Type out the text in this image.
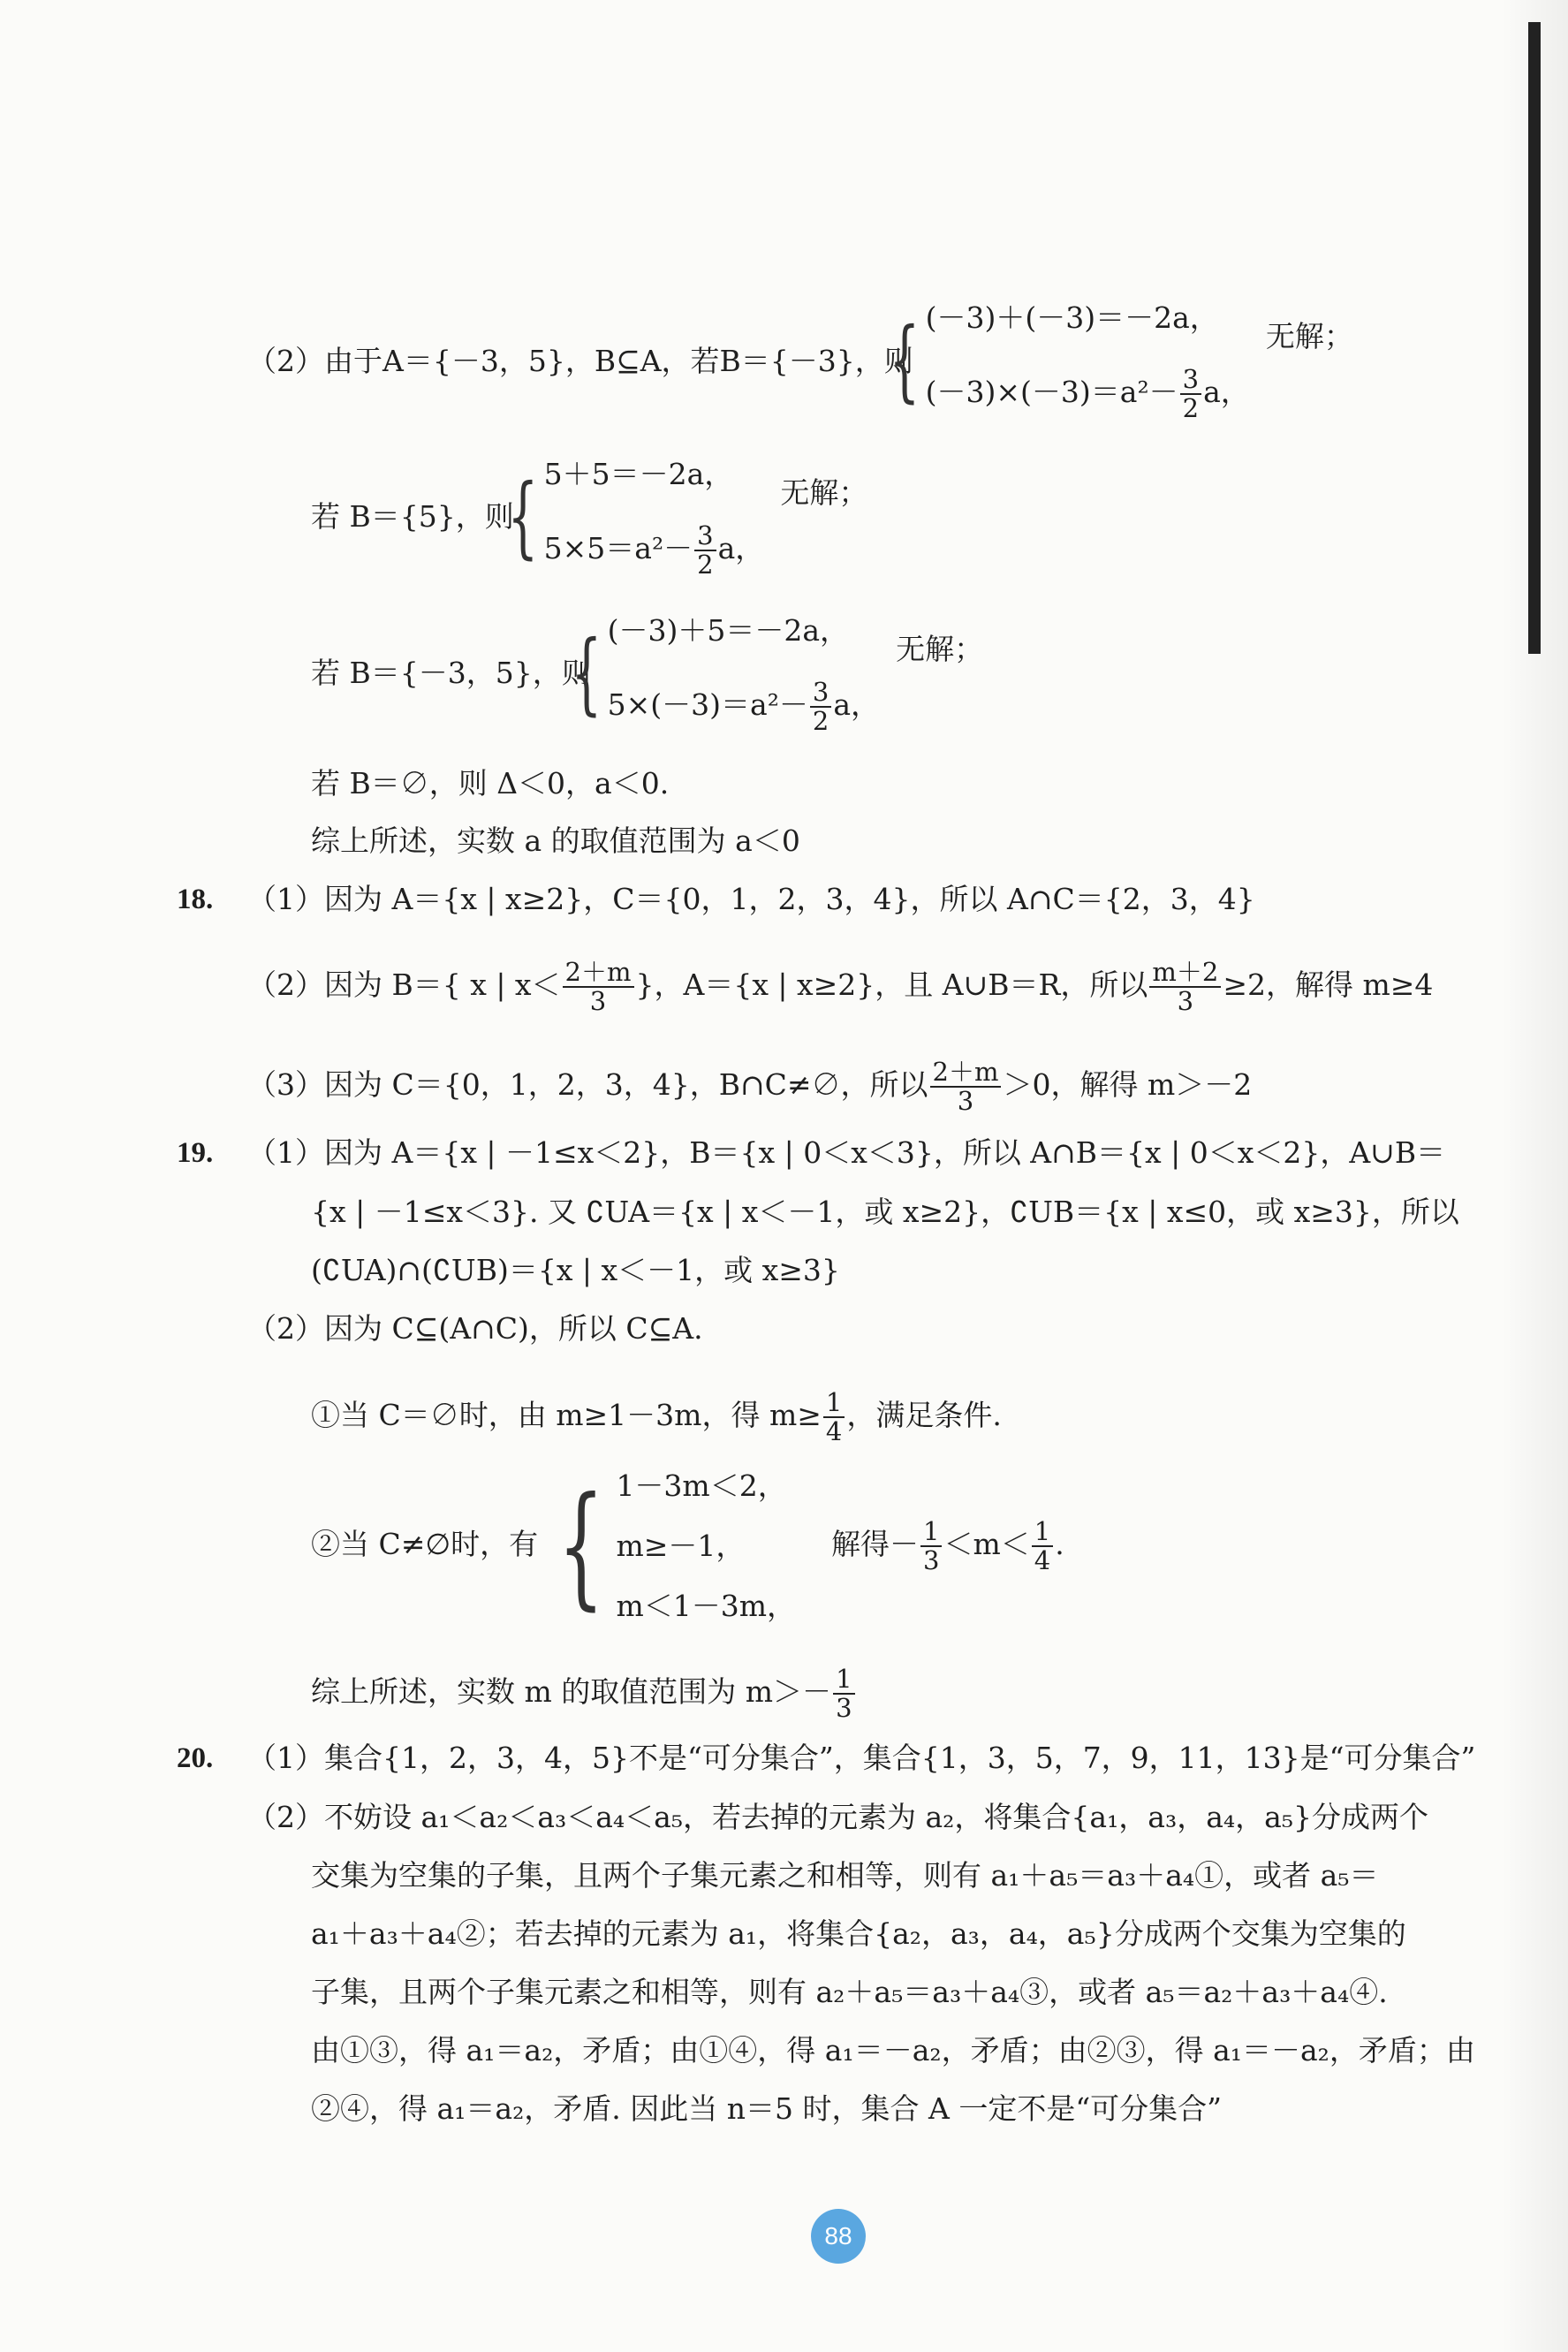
（2）由于A＝{－3，5}，B⊆A，若B＝{－3}，则
{ (－3)＋(－3)＝－2a，
$(-3)\times(-3)=a^2- \frac{3}{2}$ a，
无解；
若 B＝{5}，则
{ 5＋5＝－2a，
$5\times 5=a^2- \frac{3}{2}$ a，
无解；
若 B＝{－3，5}，则
{ (－3)＋5＝－2a，
$5\times(-3)=a^2- \frac{3}{2}$ a，
无解；
若 B＝∅，则 Δ＜0，a＜0.
综上所述，实数 a 的取值范围为 a＜0
18. （1）因为 A＝{x | x≥2}，C＝{0，1，2，3，4}，所以 A∩C＝{2，3，4}
（2）因为 B＝{ x | $x< \frac{2+m}{3}$ }，A＝{x | x≥2}，且 A∪B＝R，所以 $\frac{m+2}{3} \ge 2$，解得 m≥4
（3）因为 C＝{0，1，2，3，4}，B∩C≠∅，所以 $\frac{2+m}{3} >0$，解得 m＞－2
19. （1）因为 A＝{x | －1≤x＜2}，B＝{x | 0＜x＜3}，所以 A∩B＝{x | 0＜x＜2}，A∪B＝
{x | －1≤x＜3}. 又 ∁UA＝{x | x＜－1，或 x≥2}，∁UB＝{x | x≤0，或 x≥3}，所以
(∁UA)∩(∁UB)＝{x | x＜－1，或 x≥3}
（2）因为 C⊆(A∩C)，所以 C⊆A.
①当 C＝∅时，由 m≥1－3m，得 $m\ge \frac{1}{4}$ ，满足条件.
②当 C≠∅时，有 { 1－3m＜2，
m≥－1，
m＜1－3m，
解得－ $\frac{1}{3} <m< \frac{1}{4}$ .
综上所述，实数 m 的取值范围为 $m>- \frac{1}{3}$
20. （1）集合{1，2，3，4，5}不是“可分集合”，集合{1，3，5，7，9，11，13}是“可分集合”
（2）不妨设 a₁＜a₂＜a₃＜a₄＜a₅，若去掉的元素为 a₂，将集合{a₁，a₃，a₄，a₅}分成两个
交集为空集的子集，且两个子集元素之和相等，则有 a₁＋a₅＝a₃＋a₄①，或者 a₅＝
a₁＋a₃＋a₄②；若去掉的元素为 a₁，将集合{a₂，a₃，a₄，a₅}分成两个交集为空集的
子集，且两个子集元素之和相等，则有 a₂＋a₅＝a₃＋a₄③，或者 a₅＝a₂＋a₃＋a₄④.
由①③，得 a₁＝a₂，矛盾；由①④，得 a₁＝－a₂，矛盾；由②③，得 a₁＝－a₂，矛盾；由
②④，得 a₁＝a₂，矛盾. 因此当 n＝5 时，集合 A 一定不是“可分集合”
88
